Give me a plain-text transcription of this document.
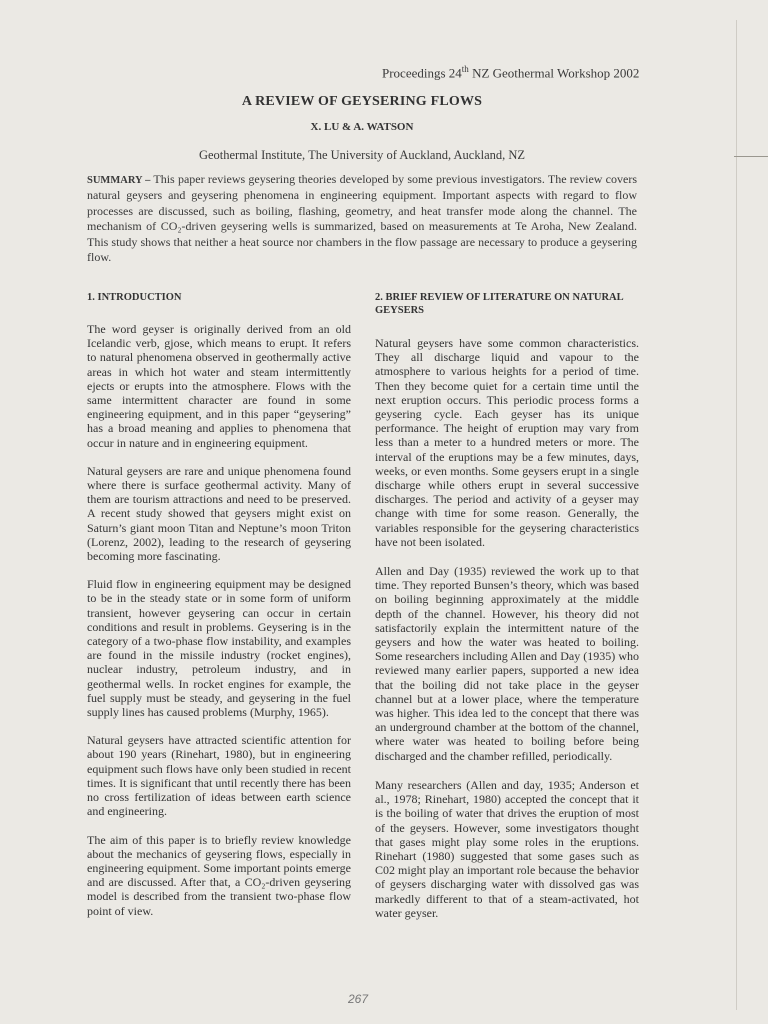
Proceedings 24th NZ Geothermal Workshop 2002
A REVIEW OF GEYSERING FLOWS
X. LU & A. WATSON
Geothermal Institute, The University of Auckland, Auckland, NZ
SUMMARY – This paper reviews geysering theories developed by some previous investigators. The review covers natural geysers and geysering phenomena in engineering equipment. Important aspects with regard to flow processes are discussed, such as boiling, flashing, geometry, and heat transfer mode along the channel. The mechanism of CO₂-driven geysering wells is summarized, based on measurements at Te Aroha, New Zealand. This study shows that neither a heat source nor chambers in the flow passage are necessary to produce a geysering flow.
1. INTRODUCTION

The word geyser is originally derived from an old Icelandic verb, gjose, which means to erupt. It refers to natural phenomena observed in geothermally active areas in which hot water and steam intermittently ejects or erupts into the atmosphere. Flows with the same intermittent character are found in some engineering equipment, and in this paper “geysering” has a broad meaning and applies to phenomena that occur in nature and in engineering equipment.

Natural geysers are rare and unique phenomena found where there is surface geothermal activity. Many of them are tourism attractions and need to be preserved. A recent study showed that geysers might exist on Saturn’s giant moon Titan and Neptune’s moon Triton (Lorenz, 2002), leading to the research of geysering becoming more fascinating.

Fluid flow in engineering equipment may be designed to be in the steady state or in some form of uniform transient, however geysering can occur in certain conditions and result in problems. Geysering is in the category of a two-phase flow instability, and examples are found in the missile industry (rocket engines), nuclear industry, petroleum industry, and in geothermal wells. In rocket engines for example, the fuel supply must be steady, and geysering in the fuel supply lines has caused problems (Murphy, 1965).

Natural geysers have attracted scientific attention for about 190 years (Rinehart, 1980), but in engineering equipment such flows have only been studied in recent times. It is significant that until recently there has been no cross fertilization of ideas between earth science and engineering.

The aim of this paper is to briefly review knowledge about the mechanics of geysering flows, especially in engineering equipment. Some important points emerge and are discussed. After that, a CO₂-driven geysering model is described from the transient two-phase flow point of view.

2. BRIEF REVIEW OF LITERATURE ON NATURAL GEYSERS

Natural geysers have some common characteristics. They all discharge liquid and vapour to the atmosphere to various heights for a period of time. Then they become quiet for a certain time until the next eruption occurs. This periodic process forms a geysering cycle. Each geyser has its unique performance. The height of eruption may vary from less than a meter to a hundred meters or more. The interval of the eruptions may be a few minutes, days, weeks, or even months. Some geysers erupt in a single discharge while others erupt in several successive discharges. The period and activity of a geyser may change with time for some reason. Generally, the variables responsible for the geysering characteristics have not been isolated.

Allen and Day (1935) reviewed the work up to that time. They reported Bunsen’s theory, which was based on boiling beginning approximately at the middle depth of the channel. However, his theory did not satisfactorily explain the intermittent nature of the geysers and how the water was heated to boiling. Some researchers including Allen and Day (1935) who reviewed many earlier papers, supported a new idea that the boiling did not take place in the geyser channel but at a lower place, where the temperature was higher. This idea led to the concept that there was an underground chamber at the bottom of the channel, where water was heated to boiling before being discharged and the chamber refilled, periodically.

Many researchers (Allen and day, 1935; Anderson et al., 1978; Rinehart, 1980) accepted the concept that it is the boiling of water that drives the eruption of most of the geysers. However, some investigators thought that gases might play some roles in the eruptions. Rinehart (1980) suggested that some gases such as C02 might play an important role because the behavior of geysers discharging water with dissolved gas was markedly different to that of a steam-activated, hot water geyser.

267
